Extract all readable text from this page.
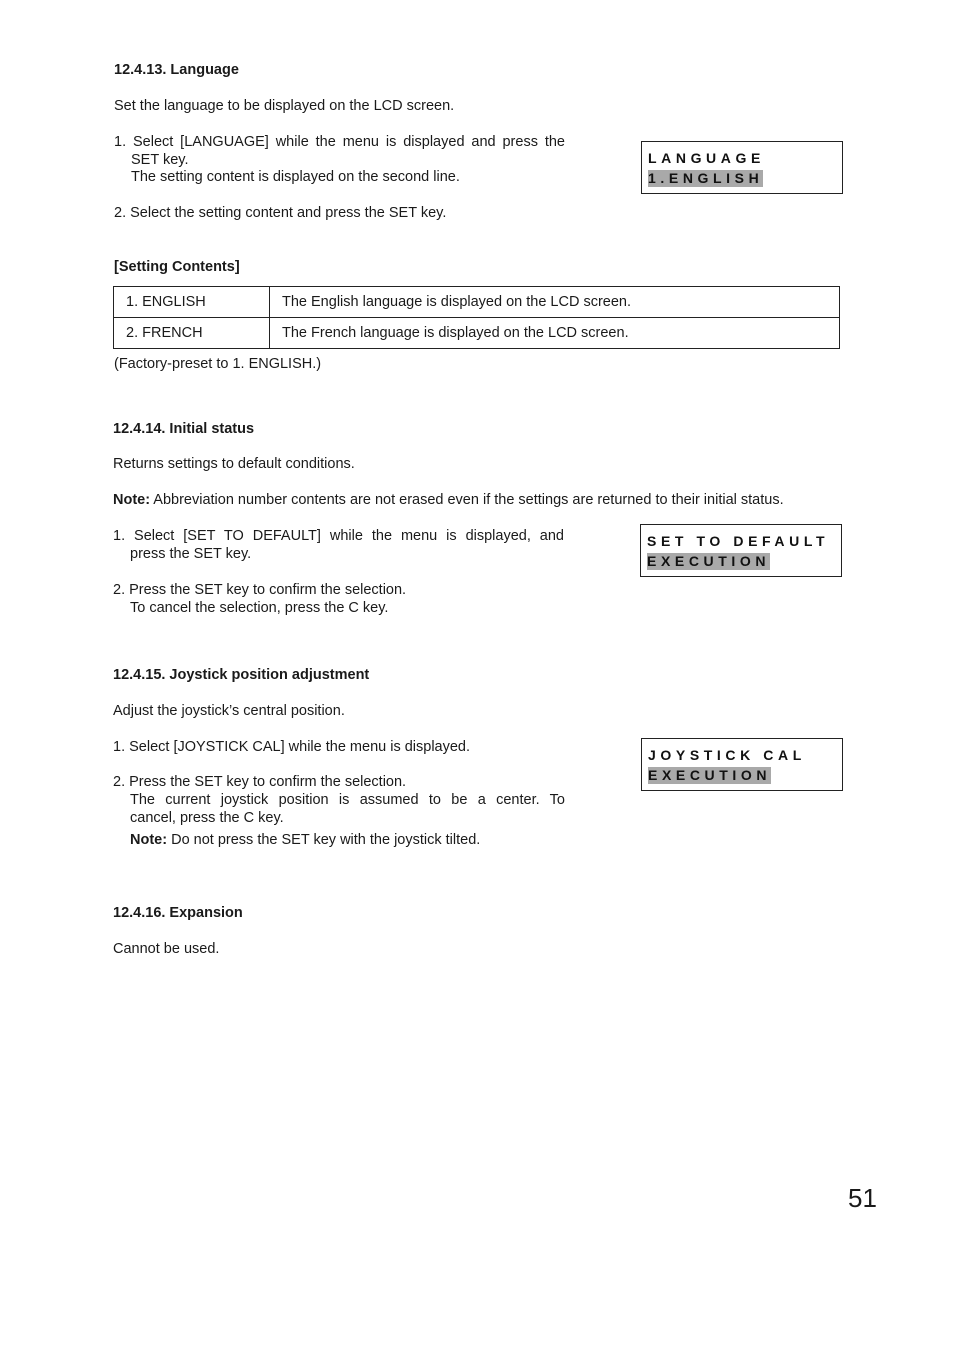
12.4.13. Language
Set the language to be displayed on the LCD screen.
1. Select [LANGUAGE] while the menu is displayed and press the
SET key.
The setting content is displayed on the second line.
2. Select the setting content and press the SET key.
LANGUAGE
1.ENGLISH
[Setting Contents]
1. ENGLISH	The English language is displayed on the LCD screen.
2. FRENCH	The French language is displayed on the LCD screen.
(Factory-preset to 1. ENGLISH.)
12.4.14. Initial status
Returns settings to default conditions.
Note: Abbreviation number contents are not erased even if the settings are returned to their initial status.
1. Select [SET TO DEFAULT] while the menu is displayed, and
press the SET key.
2. Press the SET key to confirm the selection.
To cancel the selection, press the C key.
SET TO DEFAULT
EXECUTION
12.4.15. Joystick position adjustment
Adjust the joystick’s central position.
1. Select [JOYSTICK CAL] while the menu is displayed.
2. Press the SET key to confirm the selection.
The current joystick position is assumed to be a center. To
cancel, press the C key.
Note: Do not press the SET key with the joystick tilted.
JOYSTICK CAL
EXECUTION
12.4.16. Expansion
Cannot be used.
51
